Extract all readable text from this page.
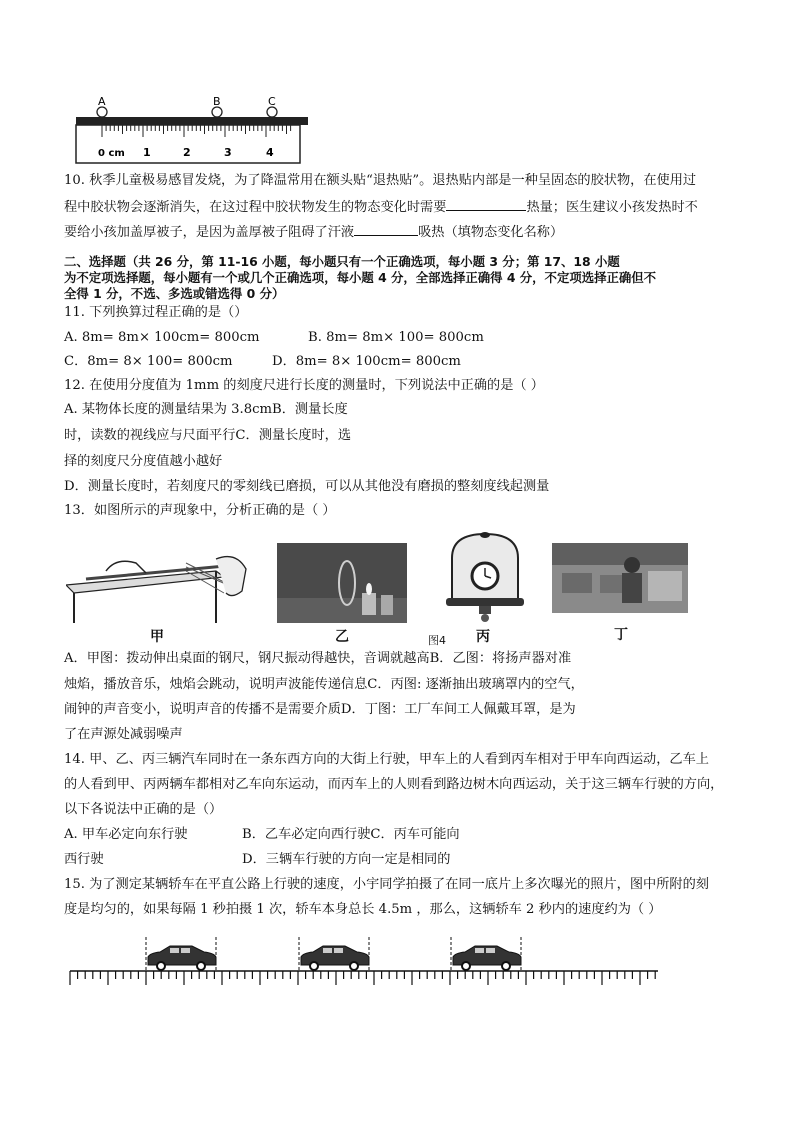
A	B	C
0 cm 1	2	3	4
10. 秋季儿童极易感冒发烧，为了降温常用在额头贴“退热贴”。退热贴内部是一种呈固态的胶状物，在使用过
程中胶状物会逐渐消失，在这过程中胶状物发生的物态变化时需要	热量；医生建议小孩发热时不
要给小孩加盖厚被子，是因为盖厚被子阻碍了汗液	吸热（填物态变化名称）
二、选择题（共 26 分，第 11-16 小题，每小题只有一个正确选项，每小题 3 分；第 17、18 小题
为不定项选择题，每小题有一个或几个正确选项，每小题 4 分，全部选择正确得 4 分，不定项选择正确但不
全得 1 分，不选、多选或错选得 0 分）
11. 下列换算过程正确的是（）
A. 8m= 8m× 100cm= 800cm	B. 8m= 8m× 100= 800cm
C．8m= 8× 100= 800cm	D．8m= 8× 100cm= 800cm
12. 在使用分度值为 1mm 的刻度尺进行长度的测量时，下列说法中正确的是（ ）
A. 某物体长度的测量结果为 3.8cmB．测量长度
时，读数的视线应与尺面平行C．测量长度时，选
择的刻度尺分度值越小越好
D．测量长度时，若刻度尺的零刻线已磨损，可以从其他没有磨损的整刻度线起测量
13．如图所示的声现象中，分析正确的是（ ）
甲	乙	图4 丙	丁
A．甲图：拨动伸出桌面的钢尺，钢尺振动得越快，音调就越高B．乙图：将扬声器对准
烛焰，播放音乐，烛焰会跳动，说明声波能传递信息C．丙图: 逐渐抽出玻璃罩内的空气，
闹钟的声音变小，说明声音的传播不是需要介质D．丁图：工厂车间工人佩戴耳罩，是为
了在声源处减弱噪声
14. 甲、乙、丙三辆汽车同时在一条东西方向的大街上行驶，甲车上的人看到丙车相对于甲车向西运动，乙车上
的人看到甲、丙两辆车都相对乙车向东运动，而丙车上的人则看到路边树木向西运动，关于这三辆车行驶的方向，
以下各说法中正确的是（）
A. 甲车必定向东行驶	B．乙车必定向西行驶C．丙车可能向
西行驶	D．三辆车行驶的方向一定是相同的
15. 为了测定某辆轿车在平直公路上行驶的速度，小宇同学拍摄了在同一底片上多次曝光的照片，图中所附的刻
度是均匀的，如果每隔 1 秒拍摄 1 次，轿车本身总长 4.5m ，那么，这辆轿车 2 秒内的速度约为（ ）
